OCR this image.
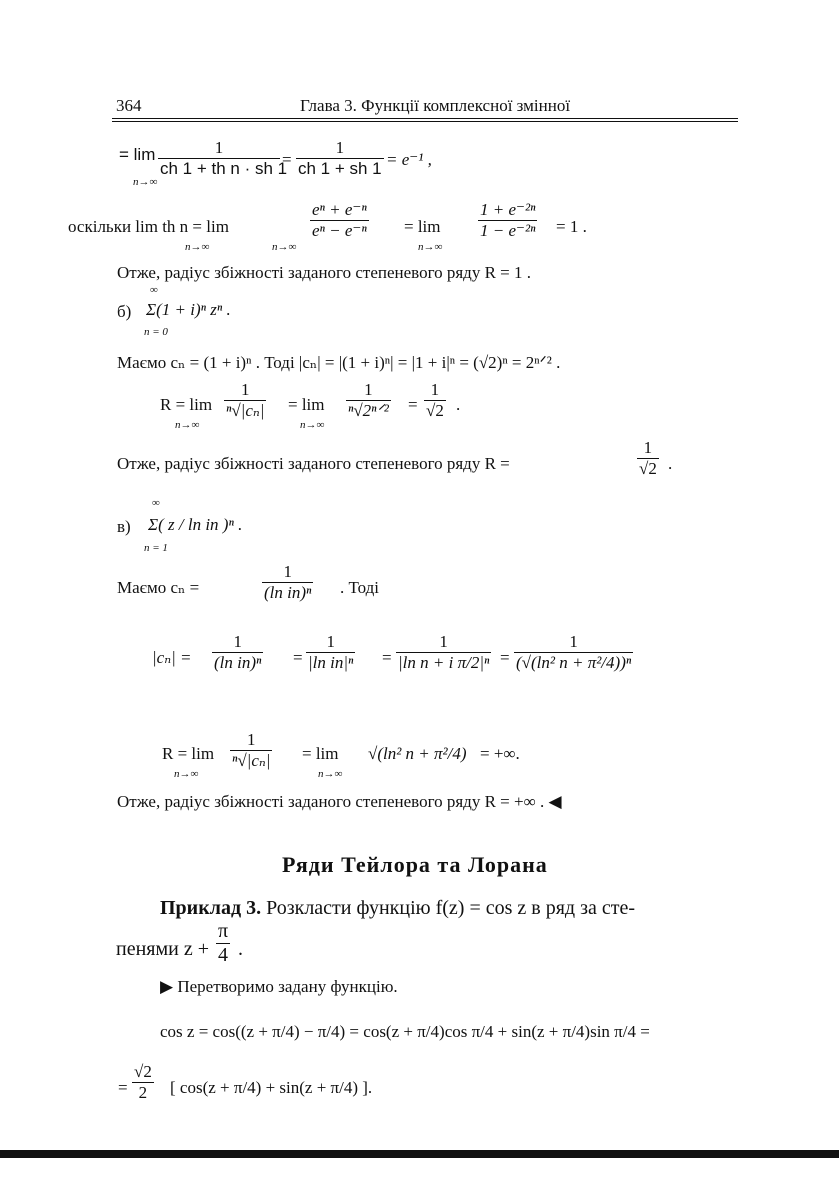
364	Глава 3. Функції комплексної змінної
= lim
n→∞
$\frac{1}{\text{ch 1 + th n · sh 1}} = \frac{1}{ch 1 + sh 1} = e^{-1}$ ,
оскільки lim th n = lim
n→∞	n→∞
$\frac{\text{eⁿ + e⁻ⁿ}}{\text{eⁿ − e⁻ⁿ}} = \lim$
n→∞
$\frac{\text{1 + e⁻²ⁿ}}{\text{1 − e⁻²ⁿ}} = 1$ .
Отже, радіус збіжності заданого степеневого ряду R = 1 .
б)
∞
Σ(1 + i)ⁿ zⁿ .
n = 0
Маємо cₙ = (1 + i)ⁿ . Тоді |cₙ| = |(1 + i)ⁿ| = |1 + i|ⁿ = (√2)ⁿ = 2ⁿᐟ² .
R = lim
n→∞
$\frac{1}{\text{ⁿ√|cₙ|}} = \lim$
n→∞
$\frac{1}{\text{ⁿ√2ⁿᐟ²}} = \frac{1}{√2}$ .
Отже, радіус збіжності заданого степеневого ряду R =	$\frac{1}{√2}$ .
в)
∞
Σ( z / ln in )ⁿ .
n = 1
Маємо cₙ =	$\frac{1}{\text{(ln in)ⁿ}}$ . Тоді
$|c_n| = \frac{1}{\text{(ln in)ⁿ}} = \frac{1}{\text{|ln in|ⁿ}} = \frac{1}{\text{|ln n + i π/2|ⁿ}} = \frac{1}{\text{(√(ln² n + π²/4))ⁿ}}$
R = lim
n→∞
$\frac{1}{\text{ⁿ√|cₙ|}} = \lim$
n→∞
√(ln² n + π²/4) = +∞.
Отже, радіус збіжності заданого степеневого ряду R = +∞ . ◀
Ряди Тейлора та Лорана
Приклад 3. Розкласти функцію f(z) = cos z в ряд за сте-
пенями $z + \frac{\pi}{4}$ .
▶ Перетворимо задану функцію.
cos z = cos((z + π/4) − π/4) = cos(z + π/4)cos π/4 + sin(z + π/4)sin π/4 =
= $\frac{√2}{2}$ [ cos(z + π/4) + sin(z + π/4) ].
